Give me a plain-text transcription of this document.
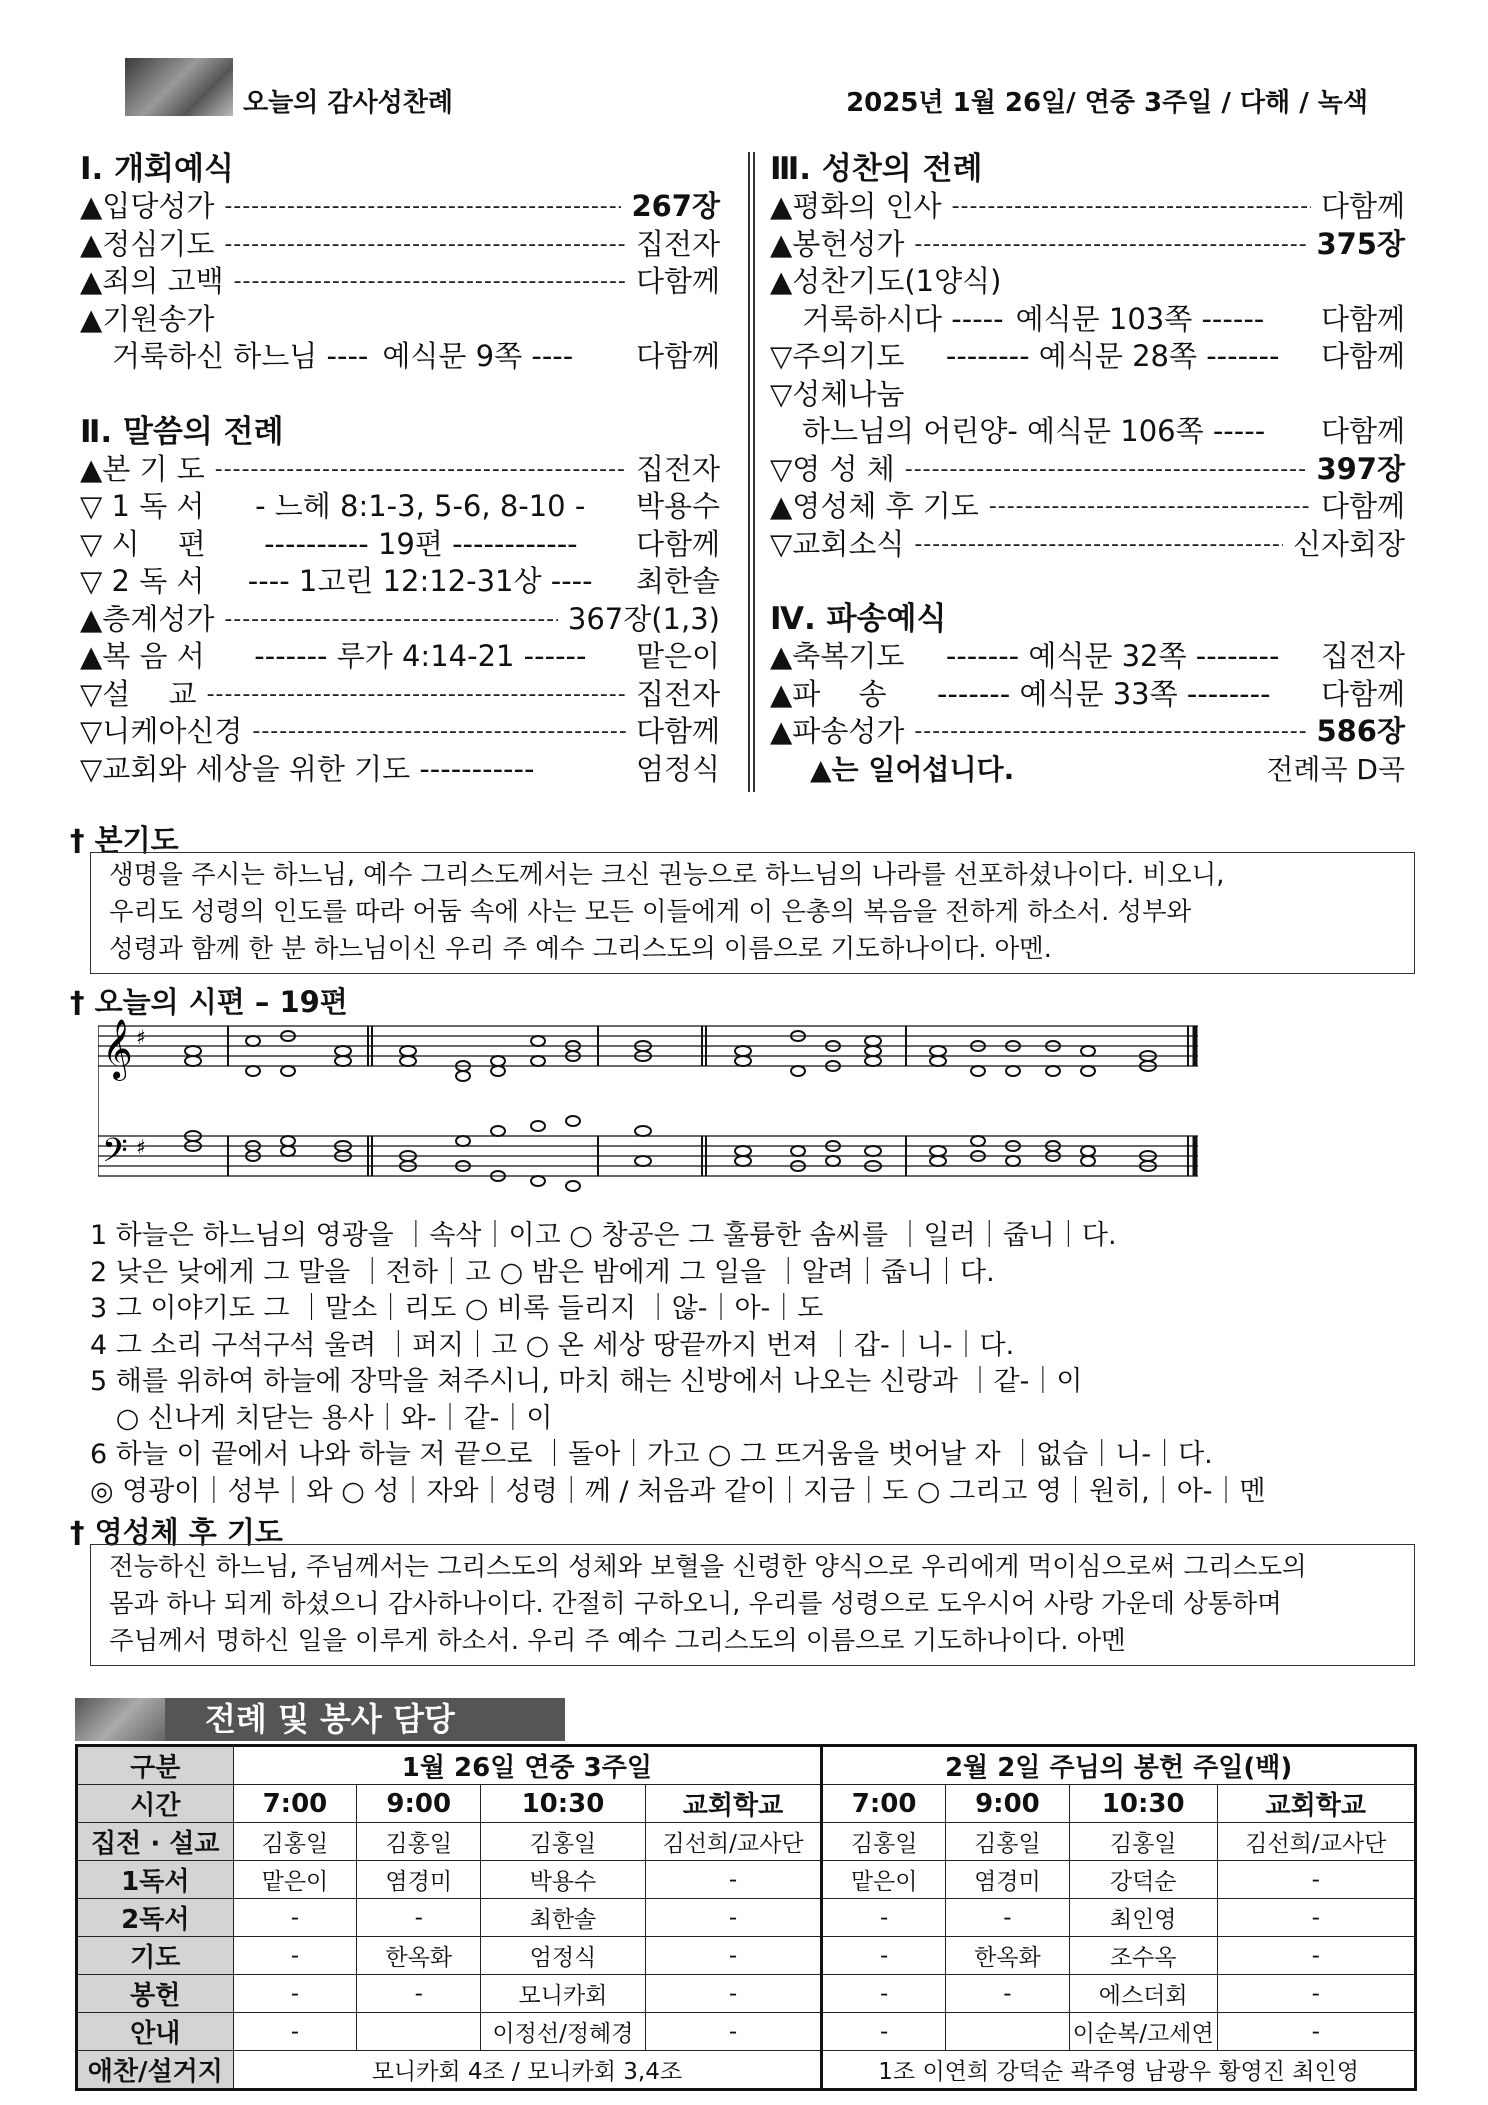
오늘의 감사성찬례	2025년 1월 26일/ 연중 3주일 / 다해 / 녹색
Ⅰ. 개회예식
▲입당성가 -----	267장
▲정심기도 -----	집전자
▲죄의 고백 -----	다함께
▲기원송가
거룩하신 하느님 ---- 예식문 9쪽 ---- 다함께
Ⅱ. 말씀의 전례
▲본 기 도 -----	집전자
▽ 1 독 서 - 느헤 8:1-3, 5-6, 8-10 - 박용수
▽ 시 　편 ---------- 19편 ------------ 다함께
▽ 2 독 서 ---- 1고린 12:12-31상 ---- 최한솔
▲층계성가 -----	367장(1,3)
▲복 음 서 ------- 루가 4:14-21 ------ 맡은이
▽설 　교 -----	집전자
▽니케아신경 -----	다함께
▽교회와 세상을 위한 기도 -----------	엄정식
Ⅲ. 성찬의 전례
▲평화의 인사 -----	다함께
▲봉헌성가 -----	375장
▲성찬기도(1양식)
거룩하시다 ----- 예식문 103쪽 ------ 다함께
▽주의기도 -------- 예식문 28쪽 ------- 다함께
▽성체나눔
하느님의 어린양- 예식문 106쪽 ----- 다함께
▽영 성 체 -----	397장
▲영성체 후 기도 -----	다함께
▽교회소식 -----	신자회장
Ⅳ. 파송예식
▲축복기도 ------- 예식문 32쪽 -------- 집전자
▲파 　송 ------- 예식문 33쪽 -------- 다함께
▲파송성가 -----	586장
▲는 일어섭니다.	전례곡 D곡
† 본기도
생명을 주시는 하느님, 예수 그리스도께서는 크신 권능으로 하느님의 나라를 선포하셨나이다. 비오니,
우리도 성령의 인도를 따라 어둠 속에 사는 모든 이들에게 이 은총의 복음을 전하게 하소서. 성부와
성령과 함께 한 분 하느님이신 우리 주 예수 그리스도의 이름으로 기도하나이다. 아멘.
† 오늘의 시편 – 19편
𝄞
𝄢
♯
♯
1 하늘은 하느님의 영광을 ｜속삭｜이고 ○ 창공은 그 훌륭한 솜씨를 ｜일러｜줍니｜다.
2 낮은 낮에게 그 말을 ｜전하｜고 ○ 밤은 밤에게 그 일을 ｜알려｜줍니｜다.
3 그 이야기도 그 ｜말소｜리도 ○ 비록 들리지 ｜않-｜아-｜도
4 그 소리 구석구석 울려 ｜퍼지｜고 ○ 온 세상 땅끝까지 번져 ｜갑-｜니-｜다.
5 해를 위하여 하늘에 장막을 쳐주시니, 마치 해는 신방에서 나오는 신랑과 ｜같-｜이
○ 신나게 치닫는 용사｜와-｜같-｜이
6 하늘 이 끝에서 나와 하늘 저 끝으로 ｜돌아｜가고 ○ 그 뜨거움을 벗어날 자 ｜없습｜니-｜다.
◎ 영광이｜성부｜와 ○ 성｜자와｜성령｜께 / 처음과 같이｜지금｜도 ○ 그리고 영｜원히,｜아-｜멘
† 영성체 후 기도
전능하신 하느님, 주님께서는 그리스도의 성체와 보혈을 신령한 양식으로 우리에게 먹이심으로써 그리스도의
몸과 하나 되게 하셨으니 감사하나이다. 간절히 구하오니, 우리를 성령으로 도우시어 사랑 가운데 상통하며
주님께서 명하신 일을 이루게 하소서. 우리 주 예수 그리스도의 이름으로 기도하나이다. 아멘
전례 및 봉사 담당
구분	1월 26일 연중 3주일				2월 2일 주님의 봉헌 주일(백)			
시간	7:00	9:00	10:30	교회학교	7:00	9:00	10:30	교회학교
집전 · 설교	김홍일	김홍일	김홍일	김선희/교사단	김홍일	김홍일	김홍일	김선희/교사단
1독서	맡은이	염경미	박용수	-	맡은이	염경미	강덕순	-
2독서	-	-	최한솔	-	-	-	최인영	-
기도	-	한옥화	엄정식	-	-	한옥화	조수옥	-
봉헌	-	-	모니카회	-	-	-	에스더회	-
안내	-		이정선/정혜경	-	-		이순복/고세연	-
애찬/설거지	모니카회 4조 / 모니카회 3,4조				1조 이연희 강덕순 곽주영 남광우 황영진 최인영			
